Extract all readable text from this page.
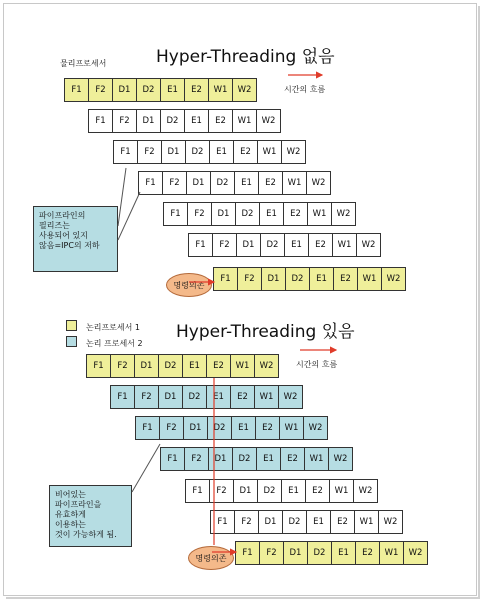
Hyper-Threading 없음
물리프로세서
시간의 흐름
F1	F2	D1	D2	E1	E2	W1	W2
F1	F2	D1	D2	E1	E2	W1	W2
F1	F2	D1	D2	E1	E2	W1	W2
F1	F2	D1	D2	E1	E2	W1	W2
F1	F2	D1	D2	E1	E2	W1	W2
F1	F2	D1	D2	E1	E2	W1	W2
F1	F2	D1	D2	E1	E2	W1	W2
파이프라인의
필리즈는
사용되어 있지
않음=IPC의 저하
명령의존
논리프로세서 1
논리 프로세서 2
Hyper-Threading 있음
시간의 흐름
F1	F2	D1	D2	E1	E2	W1	W2
F1	F2	D1	D2	E1	E2	W1	W2
F1	F2	D1	D2	E1	E2	W1	W2
F1	F2	D1	D2	E1	E2	W1	W2
F1	F2	D1	D2	E1	E2	W1	W2
F1	F2	D1	D2	E1	E2	W1	W2
F1	F2	D1	D2	E1	E2	W1	W2
비어있는
파이프라인을
유효하게
이용하는
것이 가능하게 됨.
명령의존
